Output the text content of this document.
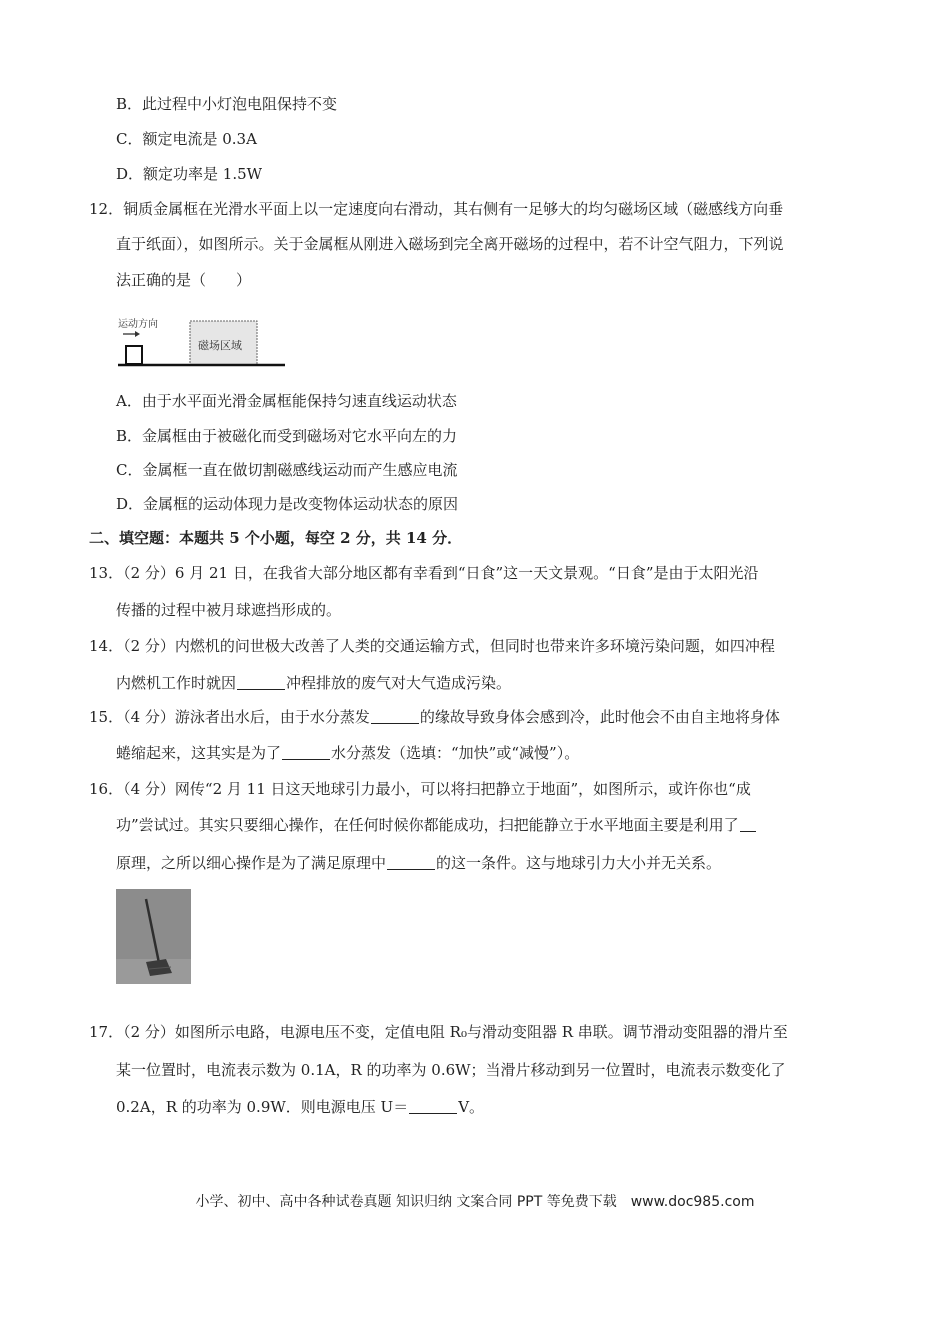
B．此过程中小灯泡电阻保持不变
C．额定电流是 0.3A
D．额定功率是 1.5W
12．铜质金属框在光滑水平面上以一定速度向右滑动，其右侧有一足够大的均匀磁场区域（磁感线方向垂
直于纸面），如图所示。关于金属框从刚进入磁场到完全离开磁场的过程中，若不计空气阻力，下列说
法正确的是（　　）
运动方向
磁场区域
A．由于水平面光滑金属框能保持匀速直线运动状态
B．金属框由于被磁化而受到磁场对它水平向左的力
C．金属框一直在做切割磁感线运动而产生感应电流
D．金属框的运动体现力是改变物体运动状态的原因
二、填空题：本题共 5 个小题，每空 2 分，共 14 分．
13．（2 分）6 月 21 日，在我省大部分地区都有幸看到“日食”这一天文景观。“日食”是由于太阳光沿
传播的过程中被月球遮挡形成的。
14．（2 分）内燃机的问世极大改善了人类的交通运输方式，但同时也带来许多环境污染问题，如四冲程
内燃机工作时就因	冲程排放的废气对大气造成污染。
15．（4 分）游泳者出水后，由于水分蒸发	的缘故导致身体会感到冷，此时他会不由自主地将身体
蜷缩起来，这其实是为了	水分蒸发（选填：“加快”或“减慢”）。
16．（4 分）网传“2 月 11 日这天地球引力最小，可以将扫把静立于地面”，如图所示，或许你也“成
功”尝试过。其实只要细心操作，在任何时候你都能成功，扫把能静立于水平地面主要是利用了
原理，之所以细心操作是为了满足原理中	的这一条件。这与地球引力大小并无关系。
17．（2 分）如图所示电路，电源电压不变，定值电阻 R₀与滑动变阻器 R 串联。调节滑动变阻器的滑片至
某一位置时，电流表示数为 0.1A，R 的功率为 0.6W；当滑片移动到另一位置时，电流表示数变化了
0.2A，R 的功率为 0.9W．则电源电压 U＝	V。
小学、初中、高中各种试卷真题 知识归纳 文案合同 PPT 等免费下载　www.doc985.com
